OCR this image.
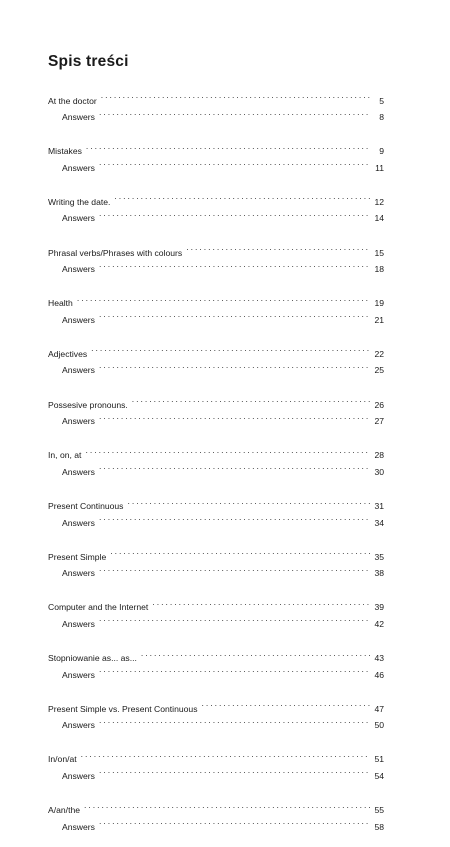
Spis treści
At the doctor . . .	5
Answers . . .	8
Mistakes . . .	9
Answers . . .	11
Writing the date. . . .	12
Answers . . .	14
Phrasal verbs/Phrases with colours . . .	15
Answers . . .	18
Health . . .	19
Answers . . .	21
Adjectives . . .	22
Answers . . .	25
Possesive pronouns. . . .	26
Answers . . .	27
In, on, at . . .	28
Answers . . .	30
Present Continuous . . .	31
Answers . . .	34
Present Simple . . .	35
Answers . . .	38
Computer and the Internet . . .	39
Answers . . .	42
Stopniowanie as... as... . . .	43
Answers . . .	46
Present Simple vs. Present Continuous . . .	47
Answers . . .	50
In/on/at . . .	51
Answers . . .	54
A/an/the . . .	55
Answers . . .	58
